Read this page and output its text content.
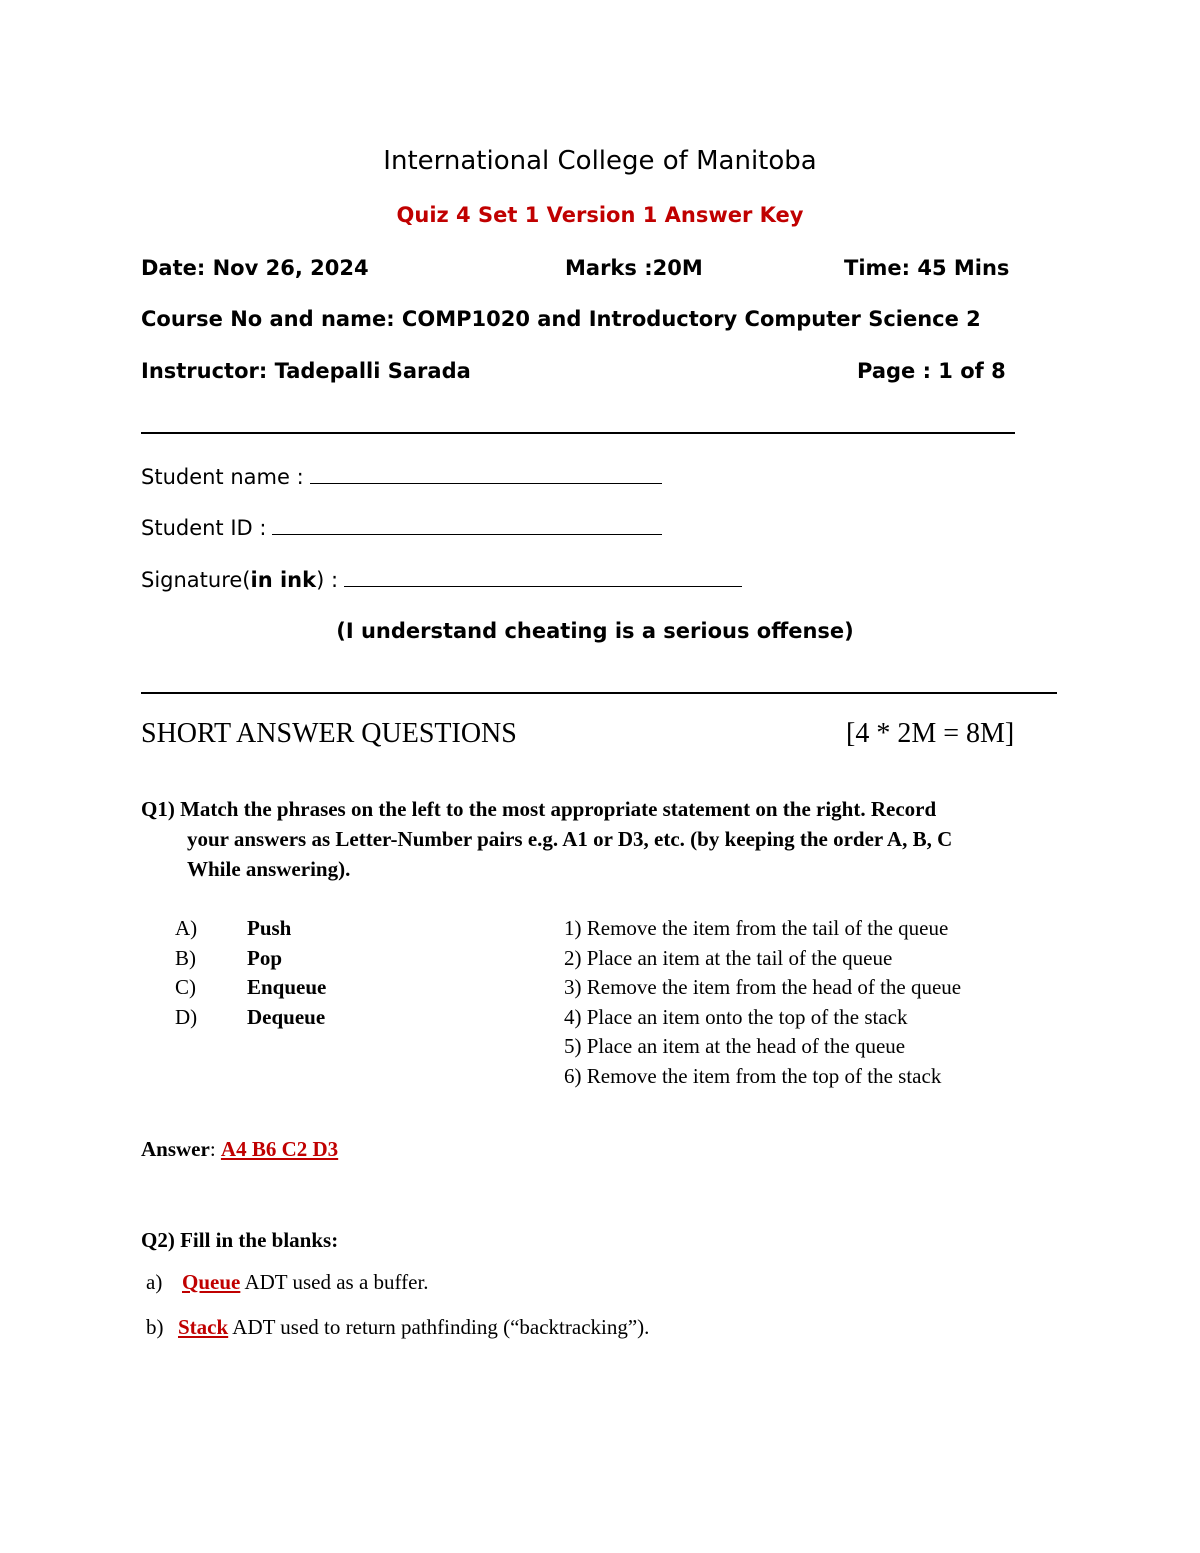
International College of Manitoba
Quiz 4 Set 1 Version 1 Answer Key
Date: Nov 26, 2024	Marks :20M	Time: 45 Mins
Course No and name: COMP1020 and Introductory Computer Science 2
Instructor: Tadepalli Sarada	Page : 1 of 8
Student name :
Student ID :
Signature(in ink) :
(I understand cheating is a serious offense)
SHORT ANSWER QUESTIONS	[4 * 2M = 8M]
Q1) Match the phrases on the left to the most appropriate statement on the right. Record
your answers as Letter-Number pairs e.g. A1 or D3, etc. (by keeping the order A, B, C
While answering).
A) Push
B) Pop
C) Enqueue
D) Dequeue
1) Remove the item from the tail of the queue
2) Place an item at the tail of the queue
3) Remove the item from the head of the queue
4) Place an item onto the top of the stack
5) Place an item at the head of the queue
6) Remove the item from the top of the stack
Answer: A4 B6 C2 D3
Q2) Fill in the blanks:
a) Queue ADT used as a buffer.
b) Stack ADT used to return pathfinding (“backtracking”).
